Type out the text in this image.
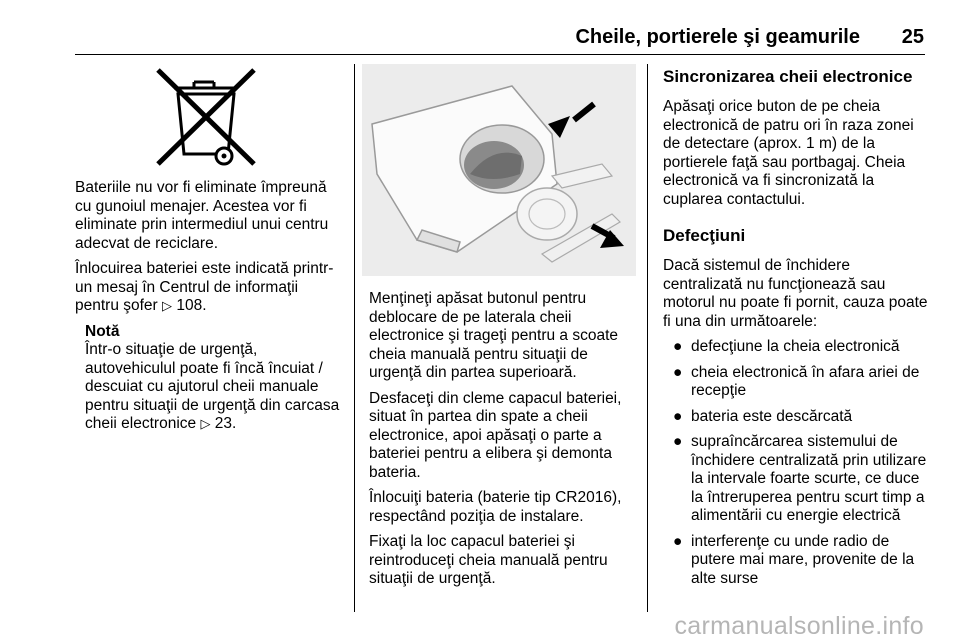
Cheile, portierele şi geamurile 25

Bateriile nu vor fi eliminate împreună cu gunoiul menajer. Acestea vor fi eliminate prin intermediul unui centru adecvat de reciclare.

Înlocuirea bateriei este indicată printr-un mesaj în Centrul de informaţii pentru şofer ▷ 108.

Notă
Într-o situaţie de urgenţă, autovehiculul poate fi încă încuiat / descuiat cu ajutorul cheii manuale pentru situaţii de urgenţă din carcasa cheii electronice ▷ 23.

Menţineţi apăsat butonul pentru deblocare de pe laterala cheii electronice şi trageţi pentru a scoate cheia manuală pentru situaţii de urgenţă din partea superioară.

Desfaceţi din cleme capacul bateriei, situat în partea din spate a cheii electronice, apoi apăsaţi o parte a bateriei pentru a elibera şi demonta bateria.

Înlocuiţi bateria (baterie tip CR2016), respectând poziţia de instalare.

Fixaţi la loc capacul bateriei şi reintroduceţi cheia manuală pentru situaţii de urgenţă.

Sincronizarea cheii electronice

Apăsaţi orice buton de pe cheia electronică de patru ori în raza zonei de detectare (aprox. 1 m) de la portierele faţă sau portbagaj. Cheia electronică va fi sincronizată la cuplarea contactului.

Defecţiuni

Dacă sistemul de închidere centralizată nu funcţionează sau motorul nu poate fi pornit, cauza poate fi una din următoarele:

● defecţiune la cheia electronică
● cheia electronică în afara ariei de recepţie
● bateria este descărcată
● supraîncărcarea sistemului de închidere centralizată prin utilizare la intervale foarte scurte, ce duce la întreruperea pentru scurt timp a alimentării cu energie electrică
● interferenţe cu unde radio de putere mai mare, provenite de la alte surse
carmanualsonline.info
